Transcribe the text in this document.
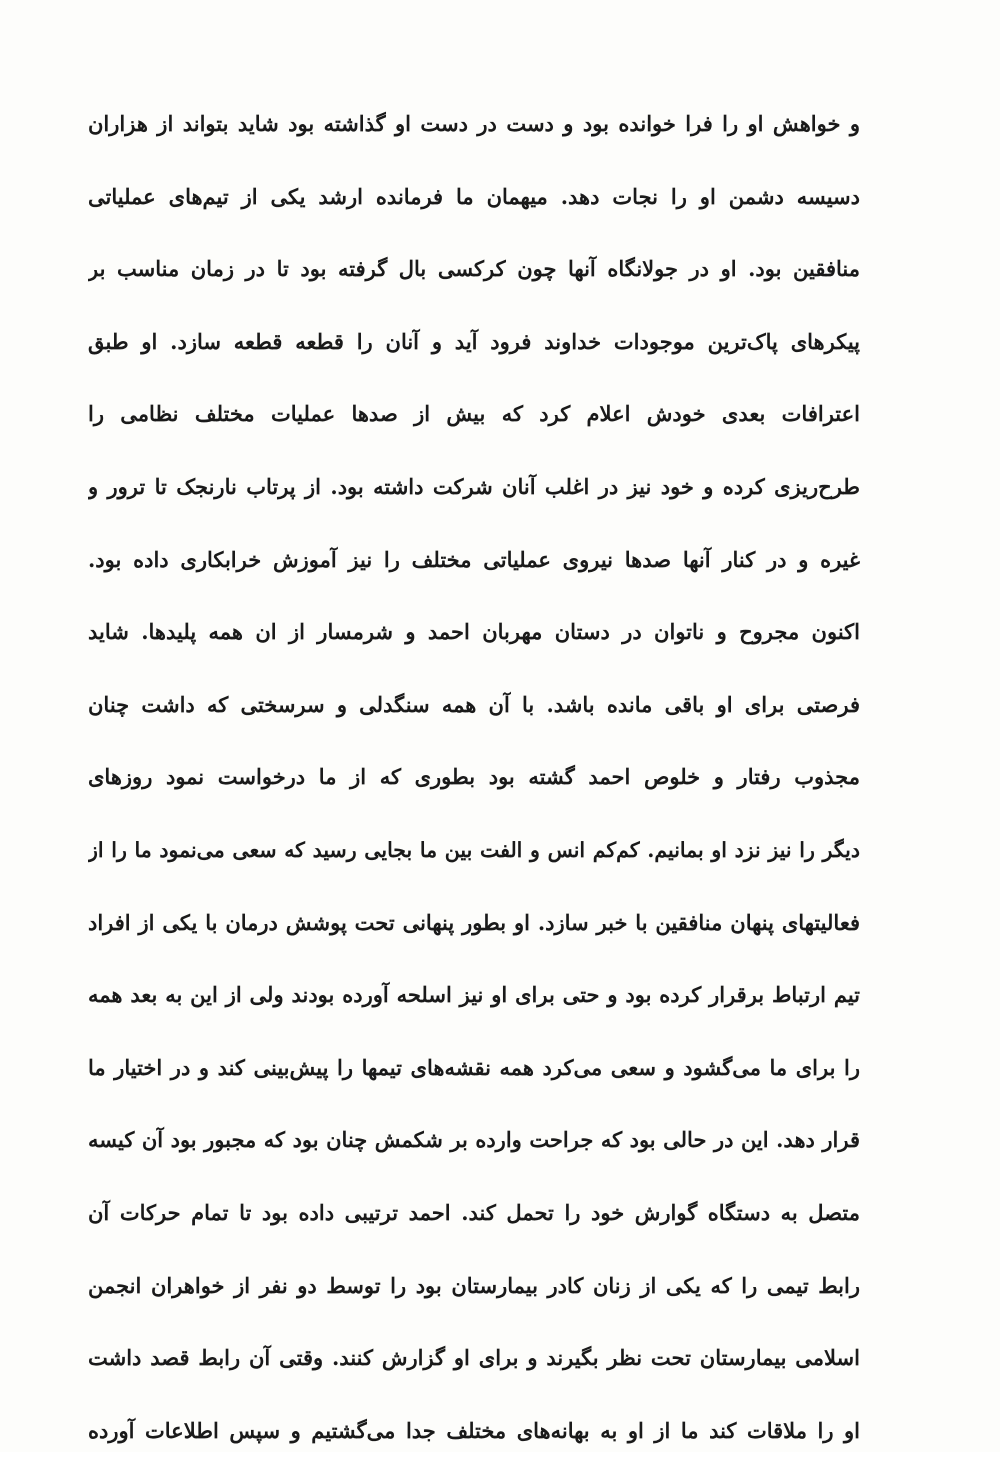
و خواهش او را فرا خوانده بود و دست در دست او گذاشته بود شاید بتواند از هزاران
دسیسه دشمن او را نجات دهد. میهمان ما فرمانده ارشد یکی از تیم‌های عملیاتی
منافقین بود. او در جولانگاه آنها چون کرکسی بال گرفته بود تا در زمان مناسب بر
پیکرهای پاک‌ترین موجودات خداوند فرود آید و آنان را قطعه قطعه سازد. او طبق
اعترافات بعدی خودش اعلام کرد که بیش از صدها عملیات مختلف نظامی را
طرح‌ریزی کرده و خود نیز در اغلب آنان شرکت داشته بود. از پرتاب نارنجک تا ترور و
غیره و در کنار آنها صدها نیروی عملیاتی مختلف را نیز آموزش خرابکاری داده بود.
اکنون مجروح و ناتوان در دستان مهربان احمد و شرمسار از ان همه پلیدها. شاید
فرصتی برای او باقی مانده باشد. با آن همه سنگدلی و سرسختی که داشت چنان
مجذوب رفتار و خلوص احمد گشته بود بطوری که از ما درخواست نمود روزهای
دیگر را نیز نزد او بمانیم. کم‌کم انس و الفت بین ما بجایی رسید که سعی می‌نمود ما را از
فعالیتهای پنهان منافقین با خبر سازد. او بطور پنهانی تحت پوشش درمان با یکی از افراد
تیم ارتباط برقرار کرده بود و حتی برای او نیز اسلحه آورده بودند ولی از این به بعد همه
را برای ما می‌گشود و سعی می‌کرد همه نقشه‌های تیمها را پیش‌بینی کند و در اختیار ما
قرار دهد. این در حالی بود که جراحت وارده بر شکمش چنان بود که مجبور بود آن کیسه
متصل به دستگاه گوارش خود را تحمل کند. احمد ترتیبی داده بود تا تمام حرکات آن
رابط تیمی را که یکی از زنان کادر بیمارستان بود را توسط دو نفر از خواهران انجمن
اسلامی بیمارستان تحت نظر بگیرند و برای او گزارش کنند. وقتی آن رابط قصد داشت
او را ملاقات کند ما از او به بهانه‌های مختلف جدا می‌گشتیم و سپس اطلاعات آورده
